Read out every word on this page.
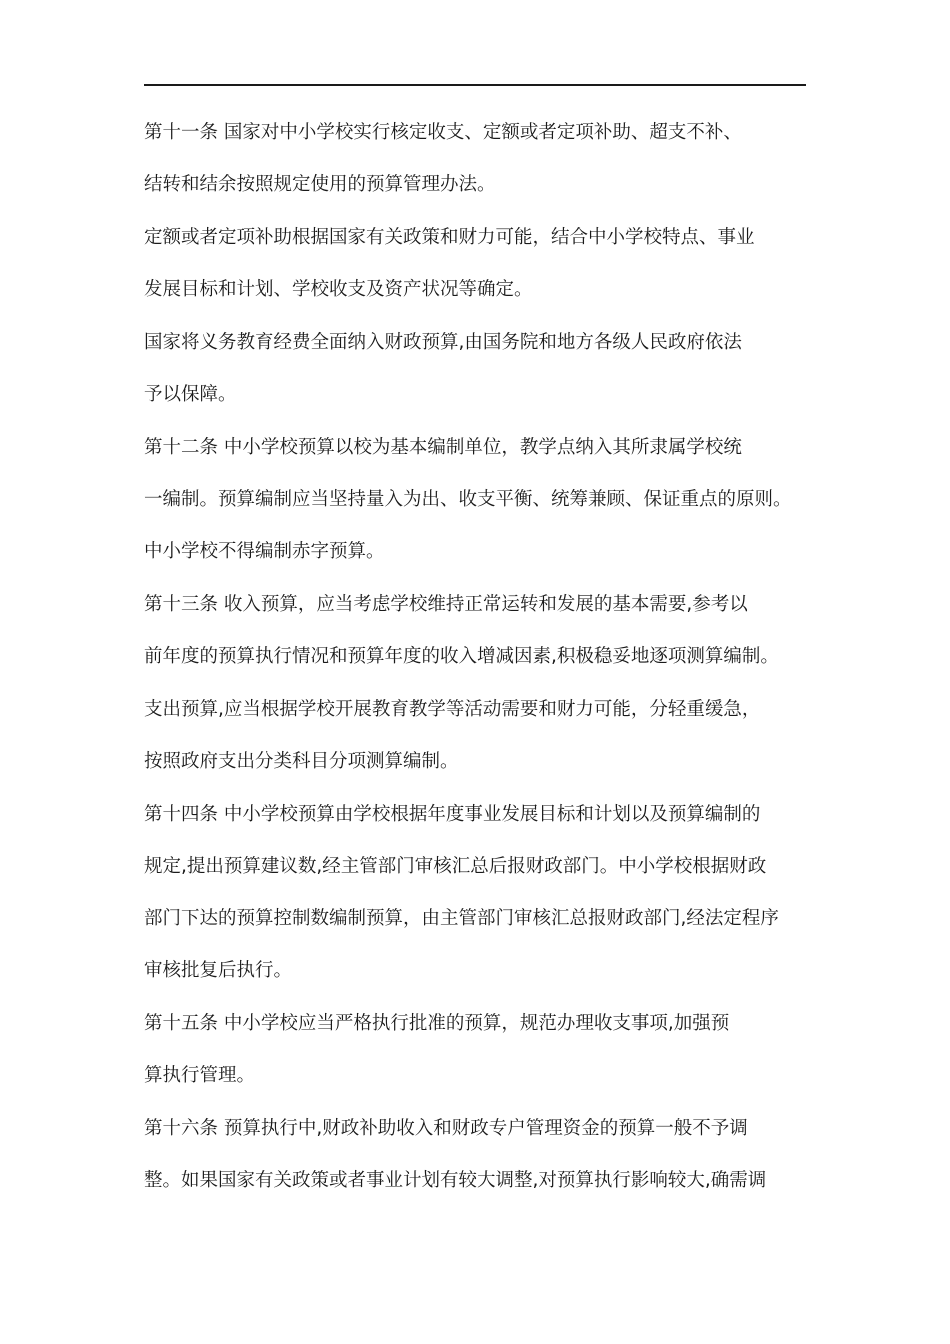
第十一条 国家对中小学校实行核定收支、定额或者定项补助、超支不补、
结转和结余按照规定使用的预算管理办法。
定额或者定项补助根据国家有关政策和财力可能，结合中小学校特点、事业
发展目标和计划、学校收支及资产状况等确定。
国家将义务教育经费全面纳入财政预算,由国务院和地方各级人民政府依法
予以保障。
第十二条 中小学校预算以校为基本编制单位，教学点纳入其所隶属学校统
一编制。预算编制应当坚持量入为出、收支平衡、统筹兼顾、保证重点的原则。
中小学校不得编制赤字预算。
第十三条 收入预算，应当考虑学校维持正常运转和发展的基本需要,参考以
前年度的预算执行情况和预算年度的收入增减因素,积极稳妥地逐项测算编制。
支出预算,应当根据学校开展教育教学等活动需要和财力可能，分轻重缓急，
按照政府支出分类科目分项测算编制。
第十四条 中小学校预算由学校根据年度事业发展目标和计划以及预算编制的
规定,提出预算建议数,经主管部门审核汇总后报财政部门。中小学校根据财政
部门下达的预算控制数编制预算，由主管部门审核汇总报财政部门,经法定程序
审核批复后执行。
第十五条 中小学校应当严格执行批准的预算，规范办理收支事项,加强预
算执行管理。
第十六条 预算执行中,财政补助收入和财政专户管理资金的预算一般不予调
整。如果国家有关政策或者事业计划有较大调整,对预算执行影响较大,确需调
